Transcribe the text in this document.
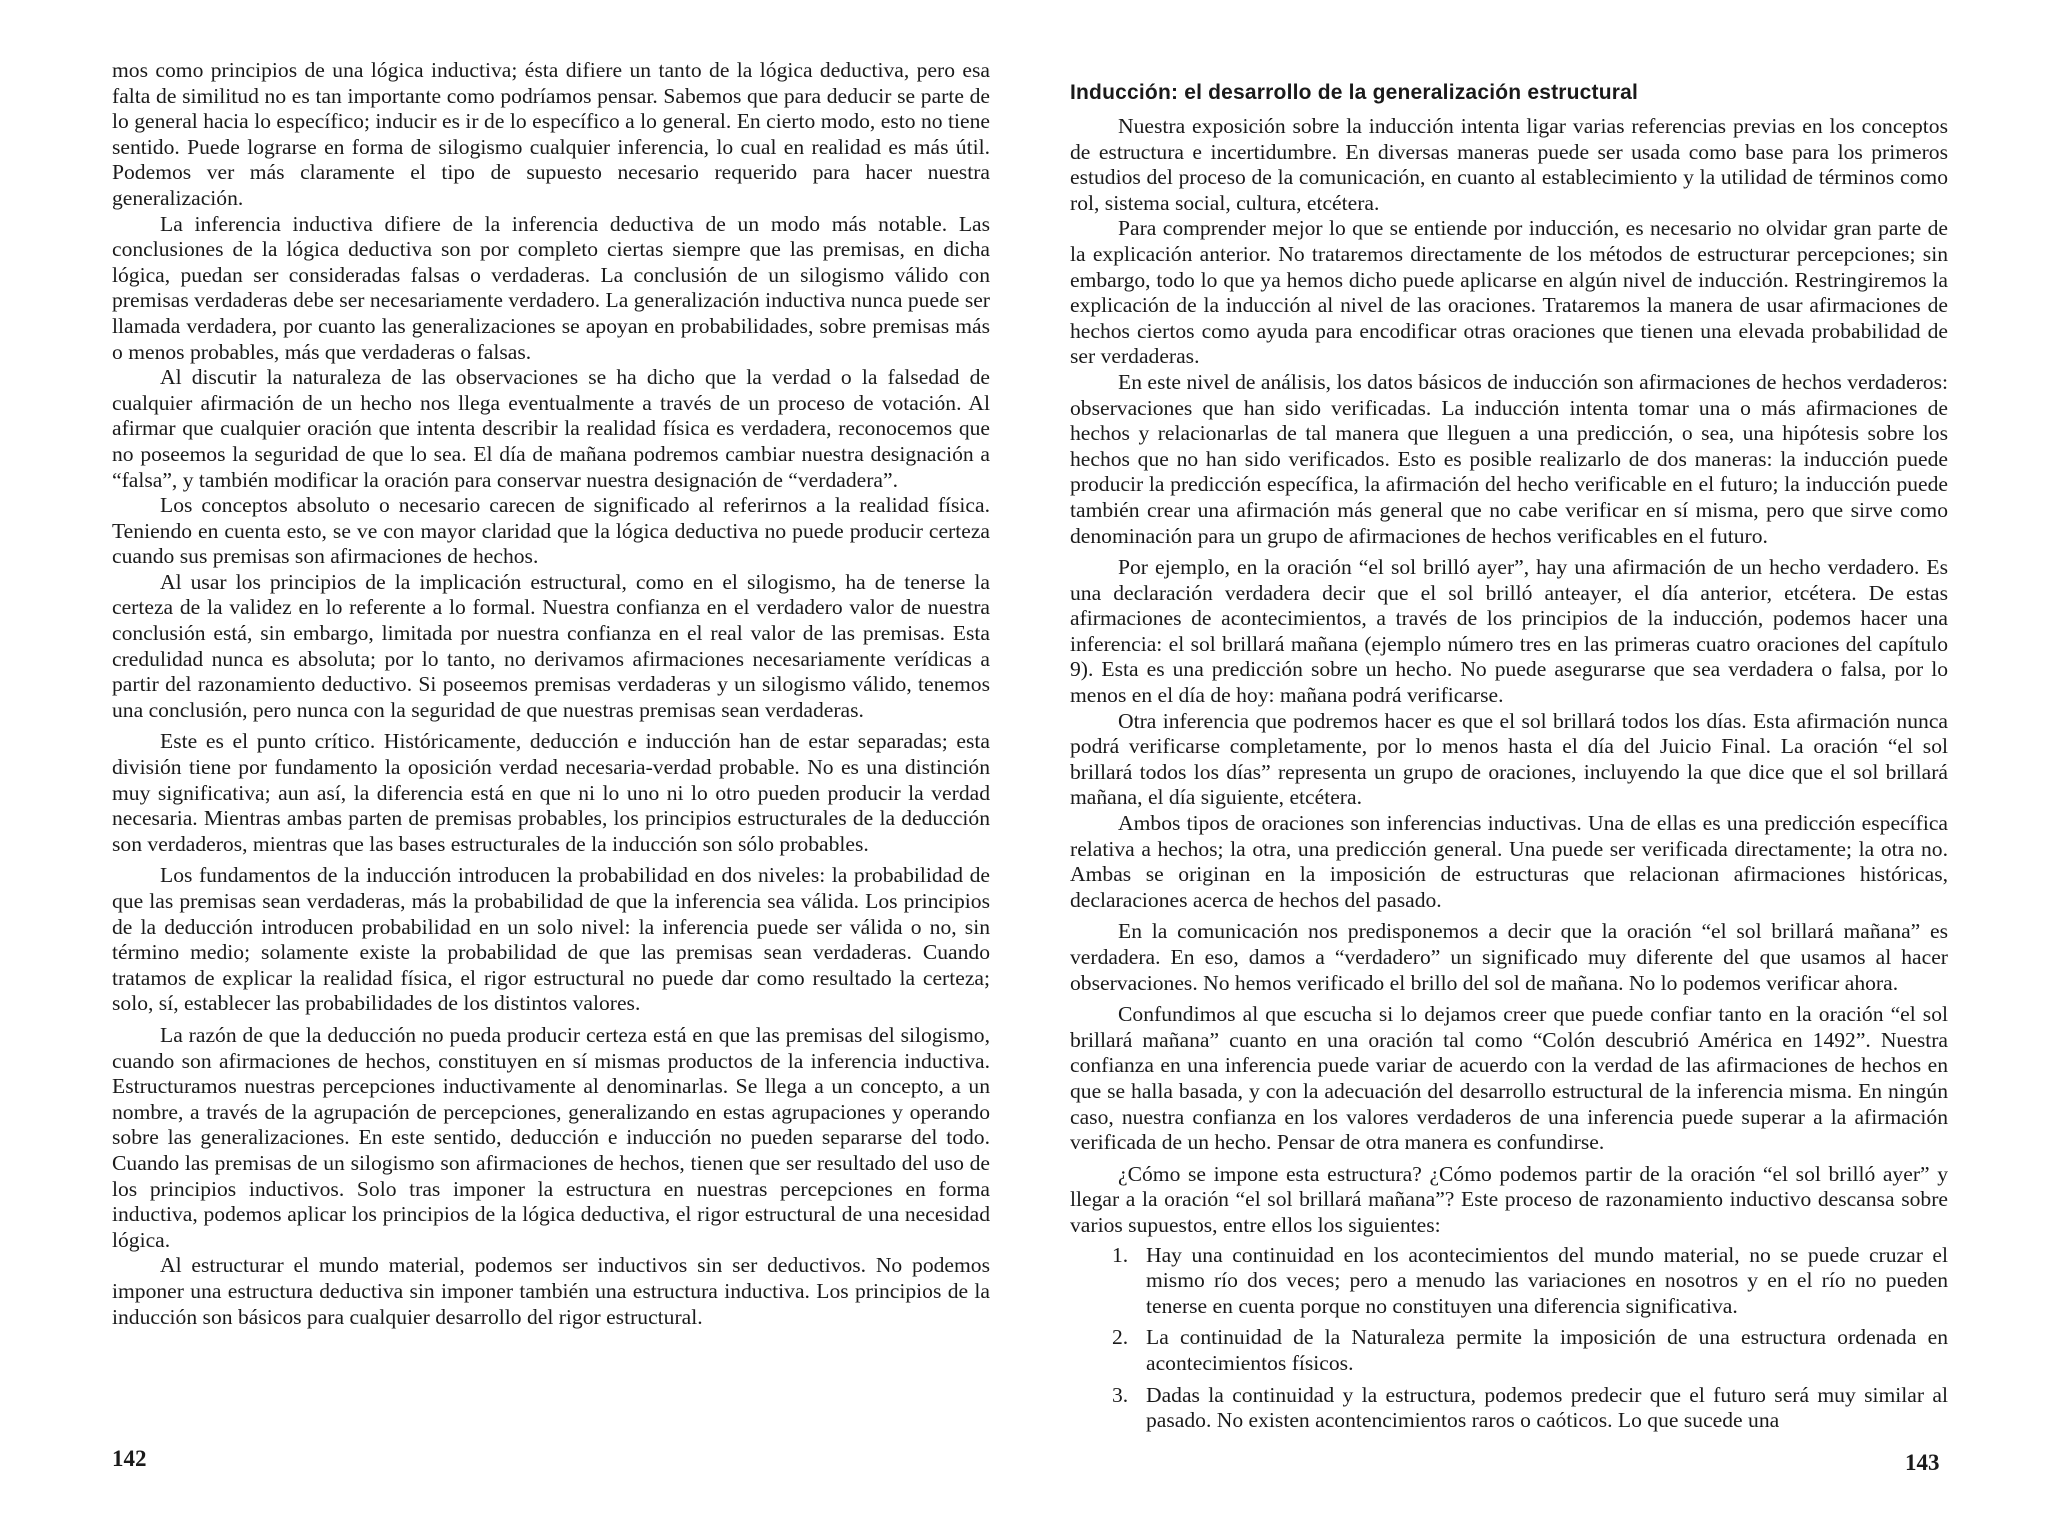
mos como principios de una lógica inductiva; ésta difiere un tanto de la lógica deductiva, pero esa falta de similitud no es tan importante como podríamos pensar. Sabemos que para deducir se parte de lo general hacia lo específico; inducir es ir de lo específico a lo general. En cierto modo, esto no tiene sentido. Puede lograrse en forma de silogismo cualquier inferencia, lo cual en realidad es más útil. Podemos ver más claramente el tipo de supuesto necesario requerido para hacer nuestra generalización.

La inferencia inductiva difiere de la inferencia deductiva de un modo más notable. Las conclusiones de la lógica deductiva son por completo ciertas siempre que las premisas, en dicha lógica, puedan ser consideradas falsas o verdaderas. La conclusión de un silogismo válido con premisas verdaderas debe ser necesariamente verdadero. La generalización inductiva nunca puede ser llamada verdadera, por cuanto las generalizaciones se apoyan en probabilidades, sobre premisas más o menos probables, más que verdaderas o falsas.

Al discutir la naturaleza de las observaciones se ha dicho que la verdad o la falsedad de cualquier afirmación de un hecho nos llega eventualmente a través de un proceso de votación. Al afirmar que cualquier oración que intenta describir la realidad física es verdadera, reconocemos que no poseemos la seguridad de que lo sea. El día de mañana podremos cambiar nuestra designación a “falsa”, y también modificar la oración para conservar nuestra designación de “verdadera”.

Los conceptos absoluto o necesario carecen de significado al referirnos a la realidad física. Teniendo en cuenta esto, se ve con mayor claridad que la lógica deductiva no puede producir certeza cuando sus premisas son afirmaciones de hechos.

Al usar los principios de la implicación estructural, como en el silogismo, ha de tenerse la certeza de la validez en lo referente a lo formal. Nuestra confianza en el verdadero valor de nuestra conclusión está, sin embargo, limitada por nuestra confianza en el real valor de las premisas. Esta credulidad nunca es absoluta; por lo tanto, no derivamos afirmaciones necesariamente verídicas a partir del razonamiento deductivo. Si poseemos premisas verdaderas y un silogismo válido, tenemos una conclusión, pero nunca con la seguridad de que nuestras premisas sean verdaderas.

Este es el punto crítico. Históricamente, deducción e inducción han de estar separadas; esta división tiene por fundamento la oposición verdad necesaria-verdad probable. No es una distinción muy significativa; aun así, la diferencia está en que ni lo uno ni lo otro pueden producir la verdad necesaria. Mientras ambas parten de premisas probables, los principios estructurales de la deducción son verdaderos, mientras que las bases estructurales de la inducción son sólo probables.

Los fundamentos de la inducción introducen la probabilidad en dos niveles: la probabilidad de que las premisas sean verdaderas, más la probabilidad de que la inferencia sea válida. Los principios de la deducción introducen probabilidad en un solo nivel: la inferencia puede ser válida o no, sin término medio; solamente existe la probabilidad de que las premisas sean verdaderas. Cuando tratamos de explicar la realidad física, el rigor estructural no puede dar como resultado la certeza; solo, sí, establecer las probabilidades de los distintos valores.

La razón de que la deducción no pueda producir certeza está en que las premisas del silogismo, cuando son afirmaciones de hechos, constituyen en sí mismas productos de la inferencia inductiva. Estructuramos nuestras percepciones inductivamente al denominarlas. Se llega a un concepto, a un nombre, a través de la agrupación de percepciones, generalizando en estas agrupaciones y operando sobre las generalizaciones. En este sentido, deducción e inducción no pueden separarse del todo. Cuando las premisas de un silogismo son afirmaciones de hechos, tienen que ser resultado del uso de los principios inductivos. Solo tras imponer la estructura en nuestras percepciones en forma inductiva, podemos aplicar los principios de la lógica deductiva, el rigor estructural de una necesidad lógica.

Al estructurar el mundo material, podemos ser inductivos sin ser deductivos. No podemos imponer una estructura deductiva sin imponer también una estructura inductiva. Los principios de la inducción son básicos para cualquier desarrollo del rigor estructural.

142
Inducción: el desarrollo de la generalización estructural

Nuestra exposición sobre la inducción intenta ligar varias referencias previas en los conceptos de estructura e incertidumbre. En diversas maneras puede ser usada como base para los primeros estudios del proceso de la comunicación, en cuanto al establecimiento y la utilidad de términos como rol, sistema social, cultura, etcétera.

Para comprender mejor lo que se entiende por inducción, es necesario no olvidar gran parte de la explicación anterior. No trataremos directamente de los métodos de estructurar percepciones; sin embargo, todo lo que ya hemos dicho puede aplicarse en algún nivel de inducción. Restringiremos la explicación de la inducción al nivel de las oraciones. Trataremos la manera de usar afirmaciones de hechos ciertos como ayuda para encodificar otras oraciones que tienen una elevada probabilidad de ser verdaderas.

En este nivel de análisis, los datos básicos de inducción son afirmaciones de hechos verdaderos: observaciones que han sido verificadas. La inducción intenta tomar una o más afirmaciones de hechos y relacionarlas de tal manera que lleguen a una predicción, o sea, una hipótesis sobre los hechos que no han sido verificados. Esto es posible realizarlo de dos maneras: la inducción puede producir la predicción específica, la afirmación del hecho verificable en el futuro; la inducción puede también crear una afirmación más general que no cabe verificar en sí misma, pero que sirve como denominación para un grupo de afirmaciones de hechos verificables en el futuro.

Por ejemplo, en la oración “el sol brilló ayer”, hay una afirmación de un hecho verdadero. Es una declaración verdadera decir que el sol brilló anteayer, el día anterior, etcétera. De estas afirmaciones de acontecimientos, a través de los principios de la inducción, podemos hacer una inferencia: el sol brillará mañana (ejemplo número tres en las primeras cuatro oraciones del capítulo 9). Esta es una predicción sobre un hecho. No puede asegurarse que sea verdadera o falsa, por lo menos en el día de hoy: mañana podrá verificarse.

Otra inferencia que podremos hacer es que el sol brillará todos los días. Esta afirmación nunca podrá verificarse completamente, por lo menos hasta el día del Juicio Final. La oración “el sol brillará todos los días” representa un grupo de oraciones, incluyendo la que dice que el sol brillará mañana, el día siguiente, etcétera.

Ambos tipos de oraciones son inferencias inductivas. Una de ellas es una predicción específica relativa a hechos; la otra, una predicción general. Una puede ser verificada directamente; la otra no. Ambas se originan en la imposición de estructuras que relacionan afirmaciones históricas, declaraciones acerca de hechos del pasado.

En la comunicación nos predisponemos a decir que la oración “el sol brillará mañana” es verdadera. En eso, damos a “verdadero” un significado muy diferente del que usamos al hacer observaciones. No hemos verificado el brillo del sol de mañana. No lo podemos verificar ahora.

Confundimos al que escucha si lo dejamos creer que puede confiar tanto en la oración “el sol brillará mañana” cuanto en una oración tal como “Colón descubrió América en 1492”. Nuestra confianza en una inferencia puede variar de acuerdo con la verdad de las afirmaciones de hechos en que se halla basada, y con la adecuación del desarrollo estructural de la inferencia misma. En ningún caso, nuestra confianza en los valores verdaderos de una inferencia puede superar a la afirmación verificada de un hecho. Pensar de otra manera es confundirse.

¿Cómo se impone esta estructura? ¿Cómo podemos partir de la oración “el sol brilló ayer” y llegar a la oración “el sol brillará mañana”? Este proceso de razonamiento inductivo descansa sobre varios supuestos, entre ellos los siguientes:

1. Hay una continuidad en los acontecimientos del mundo material, no se puede cruzar el mismo río dos veces; pero a menudo las variaciones en nosotros y en el río no pueden tenerse en cuenta porque no constituyen una diferencia significativa.
2. La continuidad de la Naturaleza permite la imposición de una estructura ordenada en acontecimientos físicos.
3. Dadas la continuidad y la estructura, podemos predecir que el futuro será muy similar al pasado. No existen acontencimientos raros o caóticos. Lo que sucede una
143
